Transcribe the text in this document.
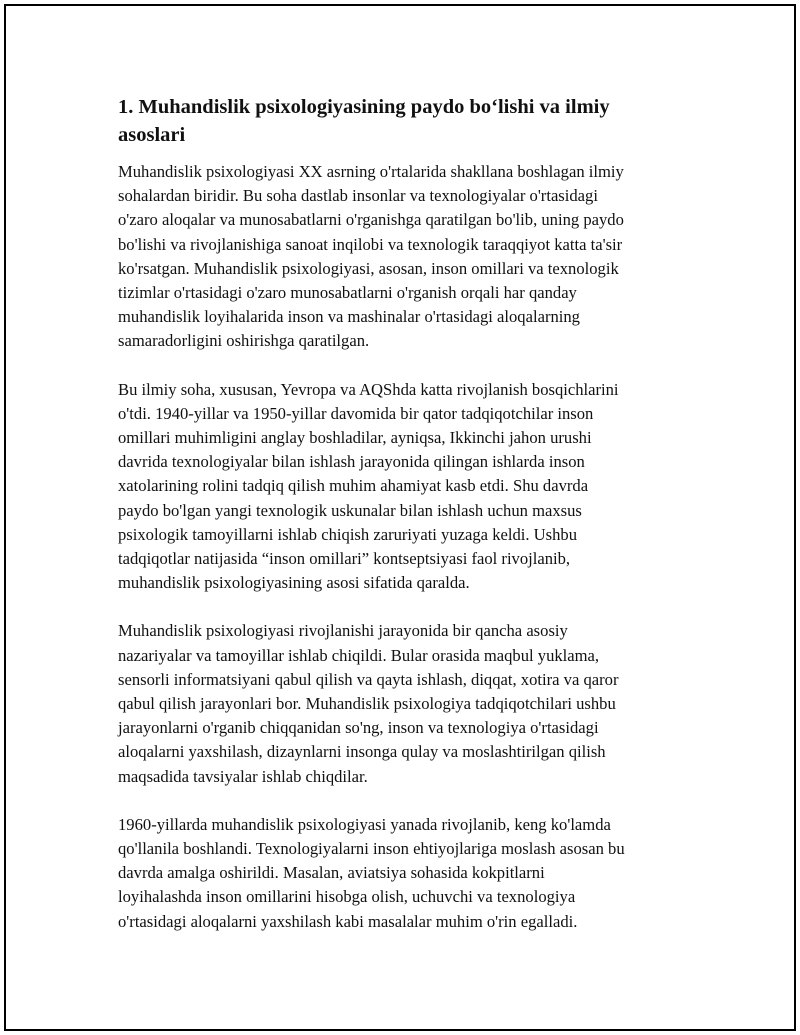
1. Muhandislik psixologiyasining paydo bo‘lishi va ilmiy
asoslari

Muhandislik psixologiyasi XX asrning o'rtalarida shakllana boshlagan ilmiy
sohalardan biridir. Bu soha dastlab insonlar va texnologiyalar o'rtasidagi
o'zaro aloqalar va munosabatlarni o'rganishga qaratilgan bo'lib, uning paydo
bo'lishi va rivojlanishiga sanoat inqilobi va texnologik taraqqiyot katta ta'sir
ko'rsatgan. Muhandislik psixologiyasi, asosan, inson omillari va texnologik
tizimlar o'rtasidagi o'zaro munosabatlarni o'rganish orqali har qanday
muhandislik loyihalarida inson va mashinalar o'rtasidagi aloqalarning
samaradorligini oshirishga qaratilgan.

Bu ilmiy soha, xususan, Yevropa va AQShda katta rivojlanish bosqichlarini
o'tdi. 1940-yillar va 1950-yillar davomida bir qator tadqiqotchilar inson
omillari muhimligini anglay boshladilar, ayniqsa, Ikkinchi jahon urushi
davrida texnologiyalar bilan ishlash jarayonida qilingan ishlarda inson
xatolarining rolini tadqiq qilish muhim ahamiyat kasb etdi. Shu davrda
paydo bo'lgan yangi texnologik uskunalar bilan ishlash uchun maxsus
psixologik tamoyillarni ishlab chiqish zaruriyati yuzaga keldi. Ushbu
tadqiqotlar natijasida “inson omillari” kontseptsiyasi faol rivojlanib,
muhandislik psixologiyasining asosi sifatida qaraldа.

Muhandislik psixologiyasi rivojlanishi jarayonida bir qancha asosiy
nazariyalar va tamoyillar ishlab chiqildi. Bular orasida maqbul yuklama,
sensorli informatsiyani qabul qilish va qayta ishlash, diqqat, xotira va qaror
qabul qilish jarayonlari bor. Muhandislik psixologiya tadqiqotchilari ushbu
jarayonlarni o'rganib chiqqanidan so'ng, inson va texnologiya o'rtasidagi
aloqalarni yaxshilash, dizaynlarni insonga qulay va moslashtirilgan qilish
maqsadida tavsiyalar ishlab chiqdilar.

1960-yillarda muhandislik psixologiyasi yanada rivojlanib, keng ko'lamda
qo'llanila boshlandi. Texnologiyalarni inson ehtiyojlariga moslash asosan bu
davrda amalga oshirildi. Masalan, aviatsiya sohasida kokpitlarni
loyihalashda inson omillarini hisobga olish, uchuvchi va texnologiya
o'rtasidagi aloqalarni yaxshilash kabi masalalar muhim o'rin egalladi.
